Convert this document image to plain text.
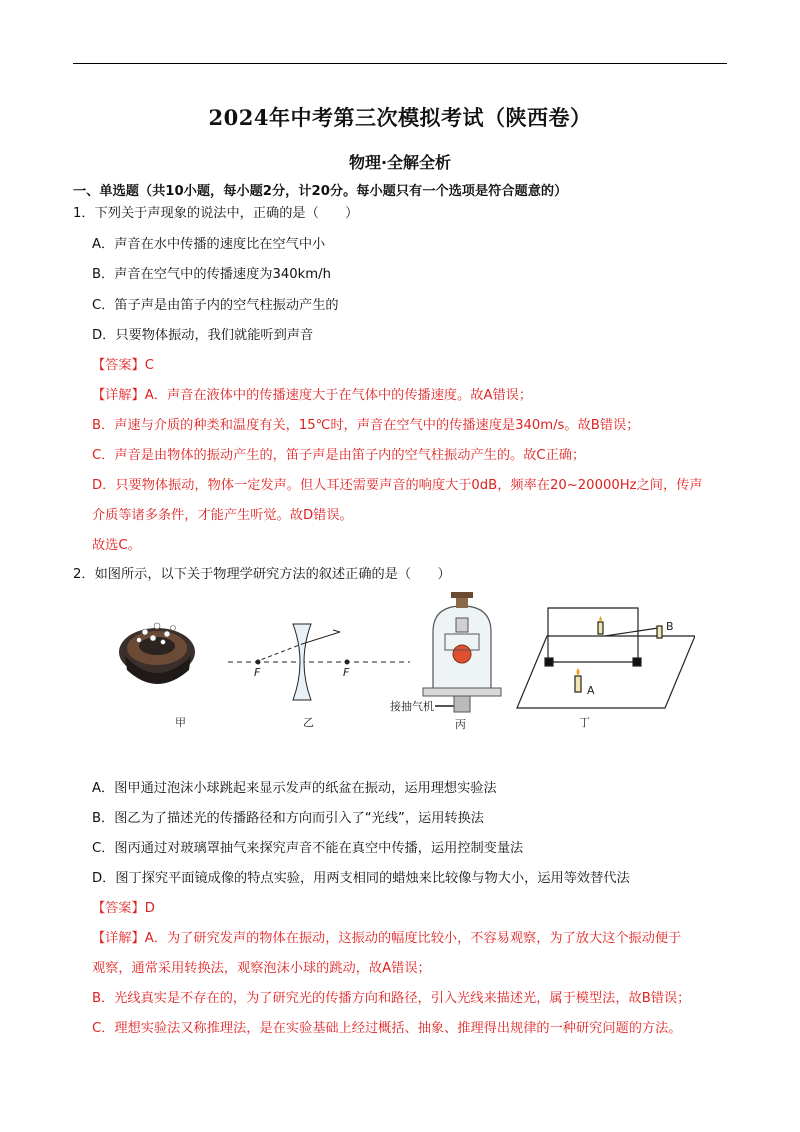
2024年中考第三次模拟考试（陕西卷）
物理·全解全析
一、单选题（共10小题，每小题2分，计20分。每小题只有一个选项是符合题意的）
1．下列关于声现象的说法中，正确的是（　　）
A．声音在水中传播的速度比在空气中小
B．声音在空气中的传播速度为340km/h
C．笛子声是由笛子内的空气柱振动产生的
D．只要物体振动，我们就能听到声音
【答案】C
【详解】A．声音在液体中的传播速度大于在气体中的传播速度。故A错误；
B．声速与介质的种类和温度有关，15℃时，声音在空气中的传播速度是340m/s。故B错误；
C．声音是由物体的振动产生的，笛子声是由笛子内的空气柱振动产生的。故C正确；
D．只要物体振动，物体一定发声。但人耳还需要声音的响度大于0dB，频率在20~20000Hz之间，传声
介质等诸多条件，才能产生听觉。故D错误。
故选C。
2．如图所示，以下关于物理学研究方法的叙述正确的是（　　）
甲	乙	丙	丁
F	F
接抽气机
A
B
A．图甲通过泡沫小球跳起来显示发声的纸盆在振动，运用理想实验法
B．图乙为了描述光的传播路径和方向而引入了“光线”，运用转换法
C．图丙通过对玻璃罩抽气来探究声音不能在真空中传播，运用控制变量法
D．图丁探究平面镜成像的特点实验，用两支相同的蜡烛来比较像与物大小，运用等效替代法
【答案】D
【详解】A．为了研究发声的物体在振动，这振动的幅度比较小，不容易观察，为了放大这个振动便于
观察，通常采用转换法，观察泡沫小球的跳动，故A错误；
B．光线真实是不存在的，为了研究光的传播方向和路径，引入光线来描述光，属于模型法，故B错误；
C．理想实验法又称推理法，是在实验基础上经过概括、抽象、推理得出规律的一种研究问题的方法。
